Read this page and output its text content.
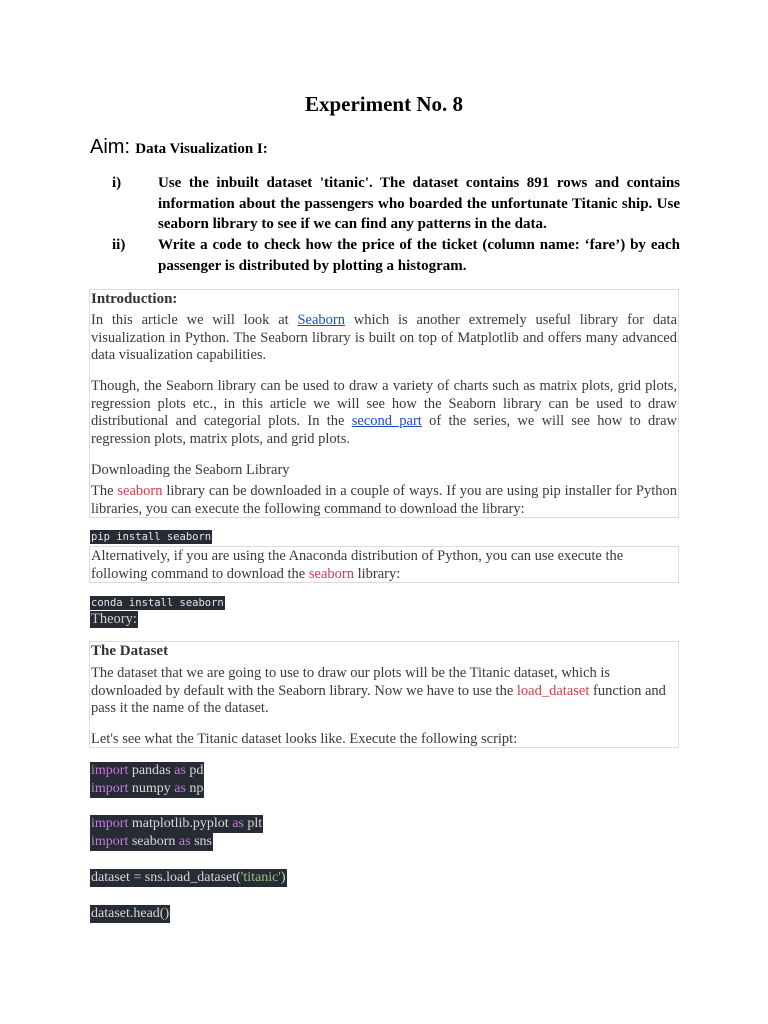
Experiment No. 8
Aim: Data Visualization I:
i) Use the inbuilt dataset 'titanic'. The dataset contains 891 rows and contains information about the passengers who boarded the unfortunate Titanic ship. Use seaborn library to see if we can find any patterns in the data.
ii) Write a code to check how the price of the ticket (column name: ‘fare’) by each passenger is distributed by plotting a histogram.
Introduction:
In this article we will look at Seaborn which is another extremely useful library for data visualization in Python. The Seaborn library is built on top of Matplotlib and offers many advanced data visualization capabilities.
Though, the Seaborn library can be used to draw a variety of charts such as matrix plots, grid plots, regression plots etc., in this article we will see how the Seaborn library can be used to draw distributional and categorial plots. In the second part of the series, we will see how to draw regression plots, matrix plots, and grid plots.
Downloading the Seaborn Library
The seaborn library can be downloaded in a couple of ways. If you are using pip installer for Python libraries, you can execute the following command to download the library:
pip install seaborn
Alternatively, if you are using the Anaconda distribution of Python, you can use execute the following command to download the seaborn library:
conda install seaborn
Theory:
The Dataset
The dataset that we are going to use to draw our plots will be the Titanic dataset, which is downloaded by default with the Seaborn library. Now we have to use the load_dataset function and pass it the name of the dataset.
Let's see what the Titanic dataset looks like. Execute the following script:
import pandas as pd
import numpy as np
import matplotlib.pyplot as plt
import seaborn as sns
dataset = sns.load_dataset('titanic')
dataset.head()
